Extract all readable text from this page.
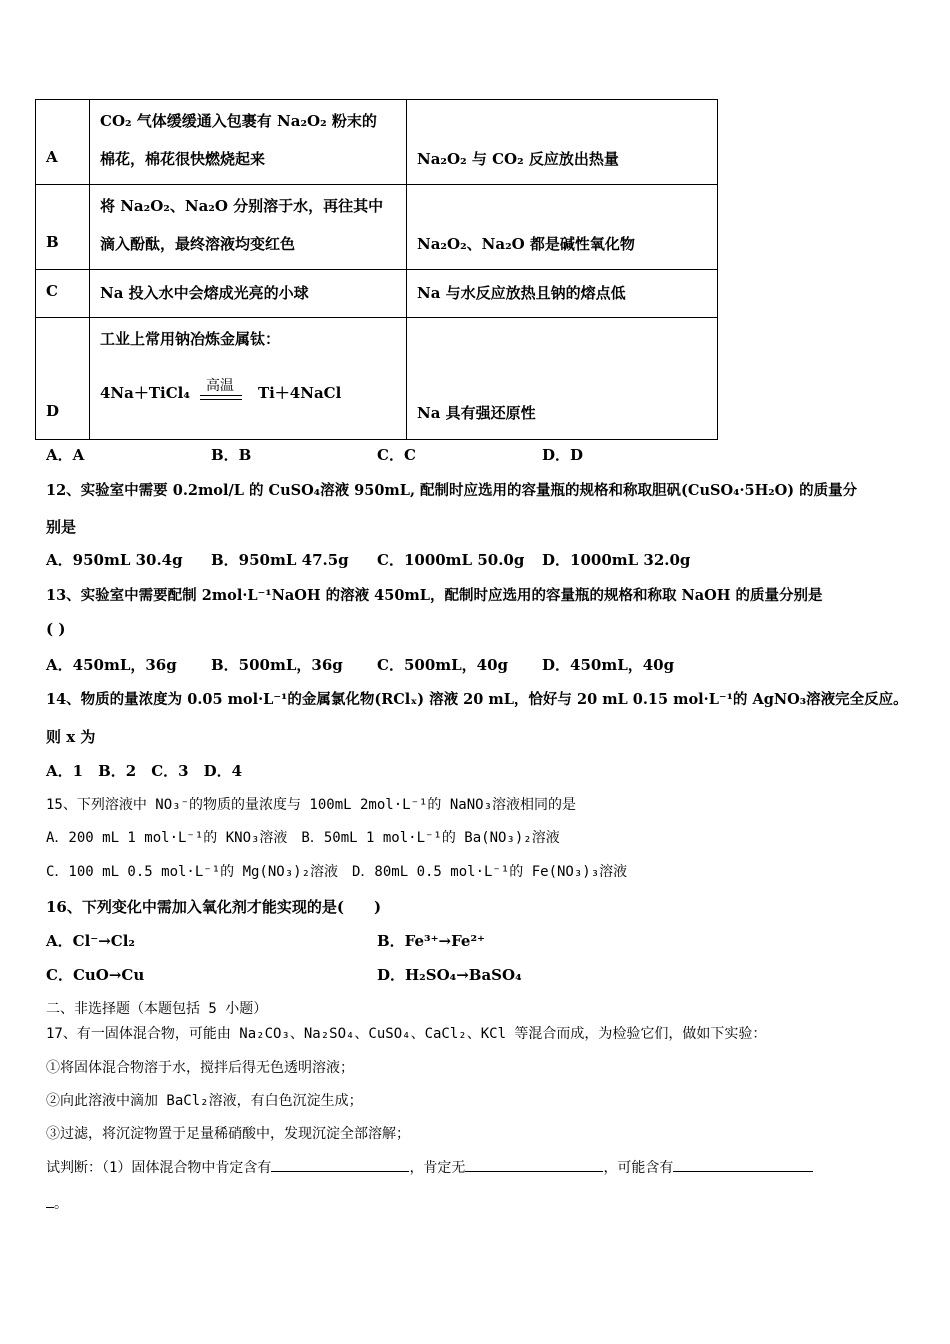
A	CO₂ 气体缓缓通入包裹有 Na₂O₂ 粉末的
棉花，棉花很快燃烧起来	Na₂O₂ 与 CO₂ 反应放出热量

B	将 Na₂O₂、Na₂O 分别溶于水，再往其中
滴入酚酞，最终溶液均变红色	Na₂O₂、Na₂O 都是碱性氧化物

C	Na 投入水中会熔成光亮的小球	Na 与水反应放热且钠的熔点低

D	工业上常用钠冶炼金属钛：
4Na＋TiCl₄ 高温 Ti＋4NaCl	Na 具有强还原性
A．A	B．B	C．C	D．D
12、实验室中需要 0.2mol/L 的 CuSO₄溶液 950mL, 配制时应选用的容量瓶的规格和称取胆矾(CuSO₄·5H₂O) 的质量分
别是
A．950mL 30.4g B．950mL 47.5g C．1000mL 50.0g D．1000mL 32.0g
13、实验室中需要配制 2mol·L⁻¹NaOH 的溶液 450mL，配制时应选用的容量瓶的规格和称取 NaOH 的质量分别是
( )
A．450mL，36g B．500mL，36g C．500mL，40g D．450mL，40g
14、物质的量浓度为 0.05 mol·L⁻¹的金属氯化物(RClₓ) 溶液 20 mL，恰好与 20 mL 0.15 mol·L⁻¹的 AgNO₃溶液完全反应。
则 x 为
A．1　B．2　C．3　D．4
15、下列溶液中 NO₃⁻的物质的量浓度与 100mL 2mol·L⁻¹的 NaNO₃溶液相同的是
A．200 mL 1 mol·L⁻¹的 KNO₃溶液　B．50mL 1 mol·L⁻¹的 Ba(NO₃)₂溶液
C．100 mL 0.5 mol·L⁻¹的 Mg(NO₃)₂溶液　D．80mL 0.5 mol·L⁻¹的 Fe(NO₃)₃溶液
16、下列变化中需加入氧化剂才能实现的是(　　)
A．Cl⁻→Cl₂	B．Fe³⁺→Fe²⁺
C．CuO→Cu	D．H₂SO₄→BaSO₄
二、非选择题（本题包括 5 小题）
17、有一固体混合物，可能由 Na₂CO₃、Na₂SO₄、CuSO₄、CaCl₂、KCl 等混合而成，为检验它们，做如下实验：
①将固体混合物溶于水，搅拌后得无色透明溶液；
②向此溶液中滴加 BaCl₂溶液，有白色沉淀生成；
③过滤，将沉淀物置于足量稀硝酸中，发现沉淀全部溶解；
试判断：（1）固体混合物中肯定含有	，肯定无	，可能含有
。
